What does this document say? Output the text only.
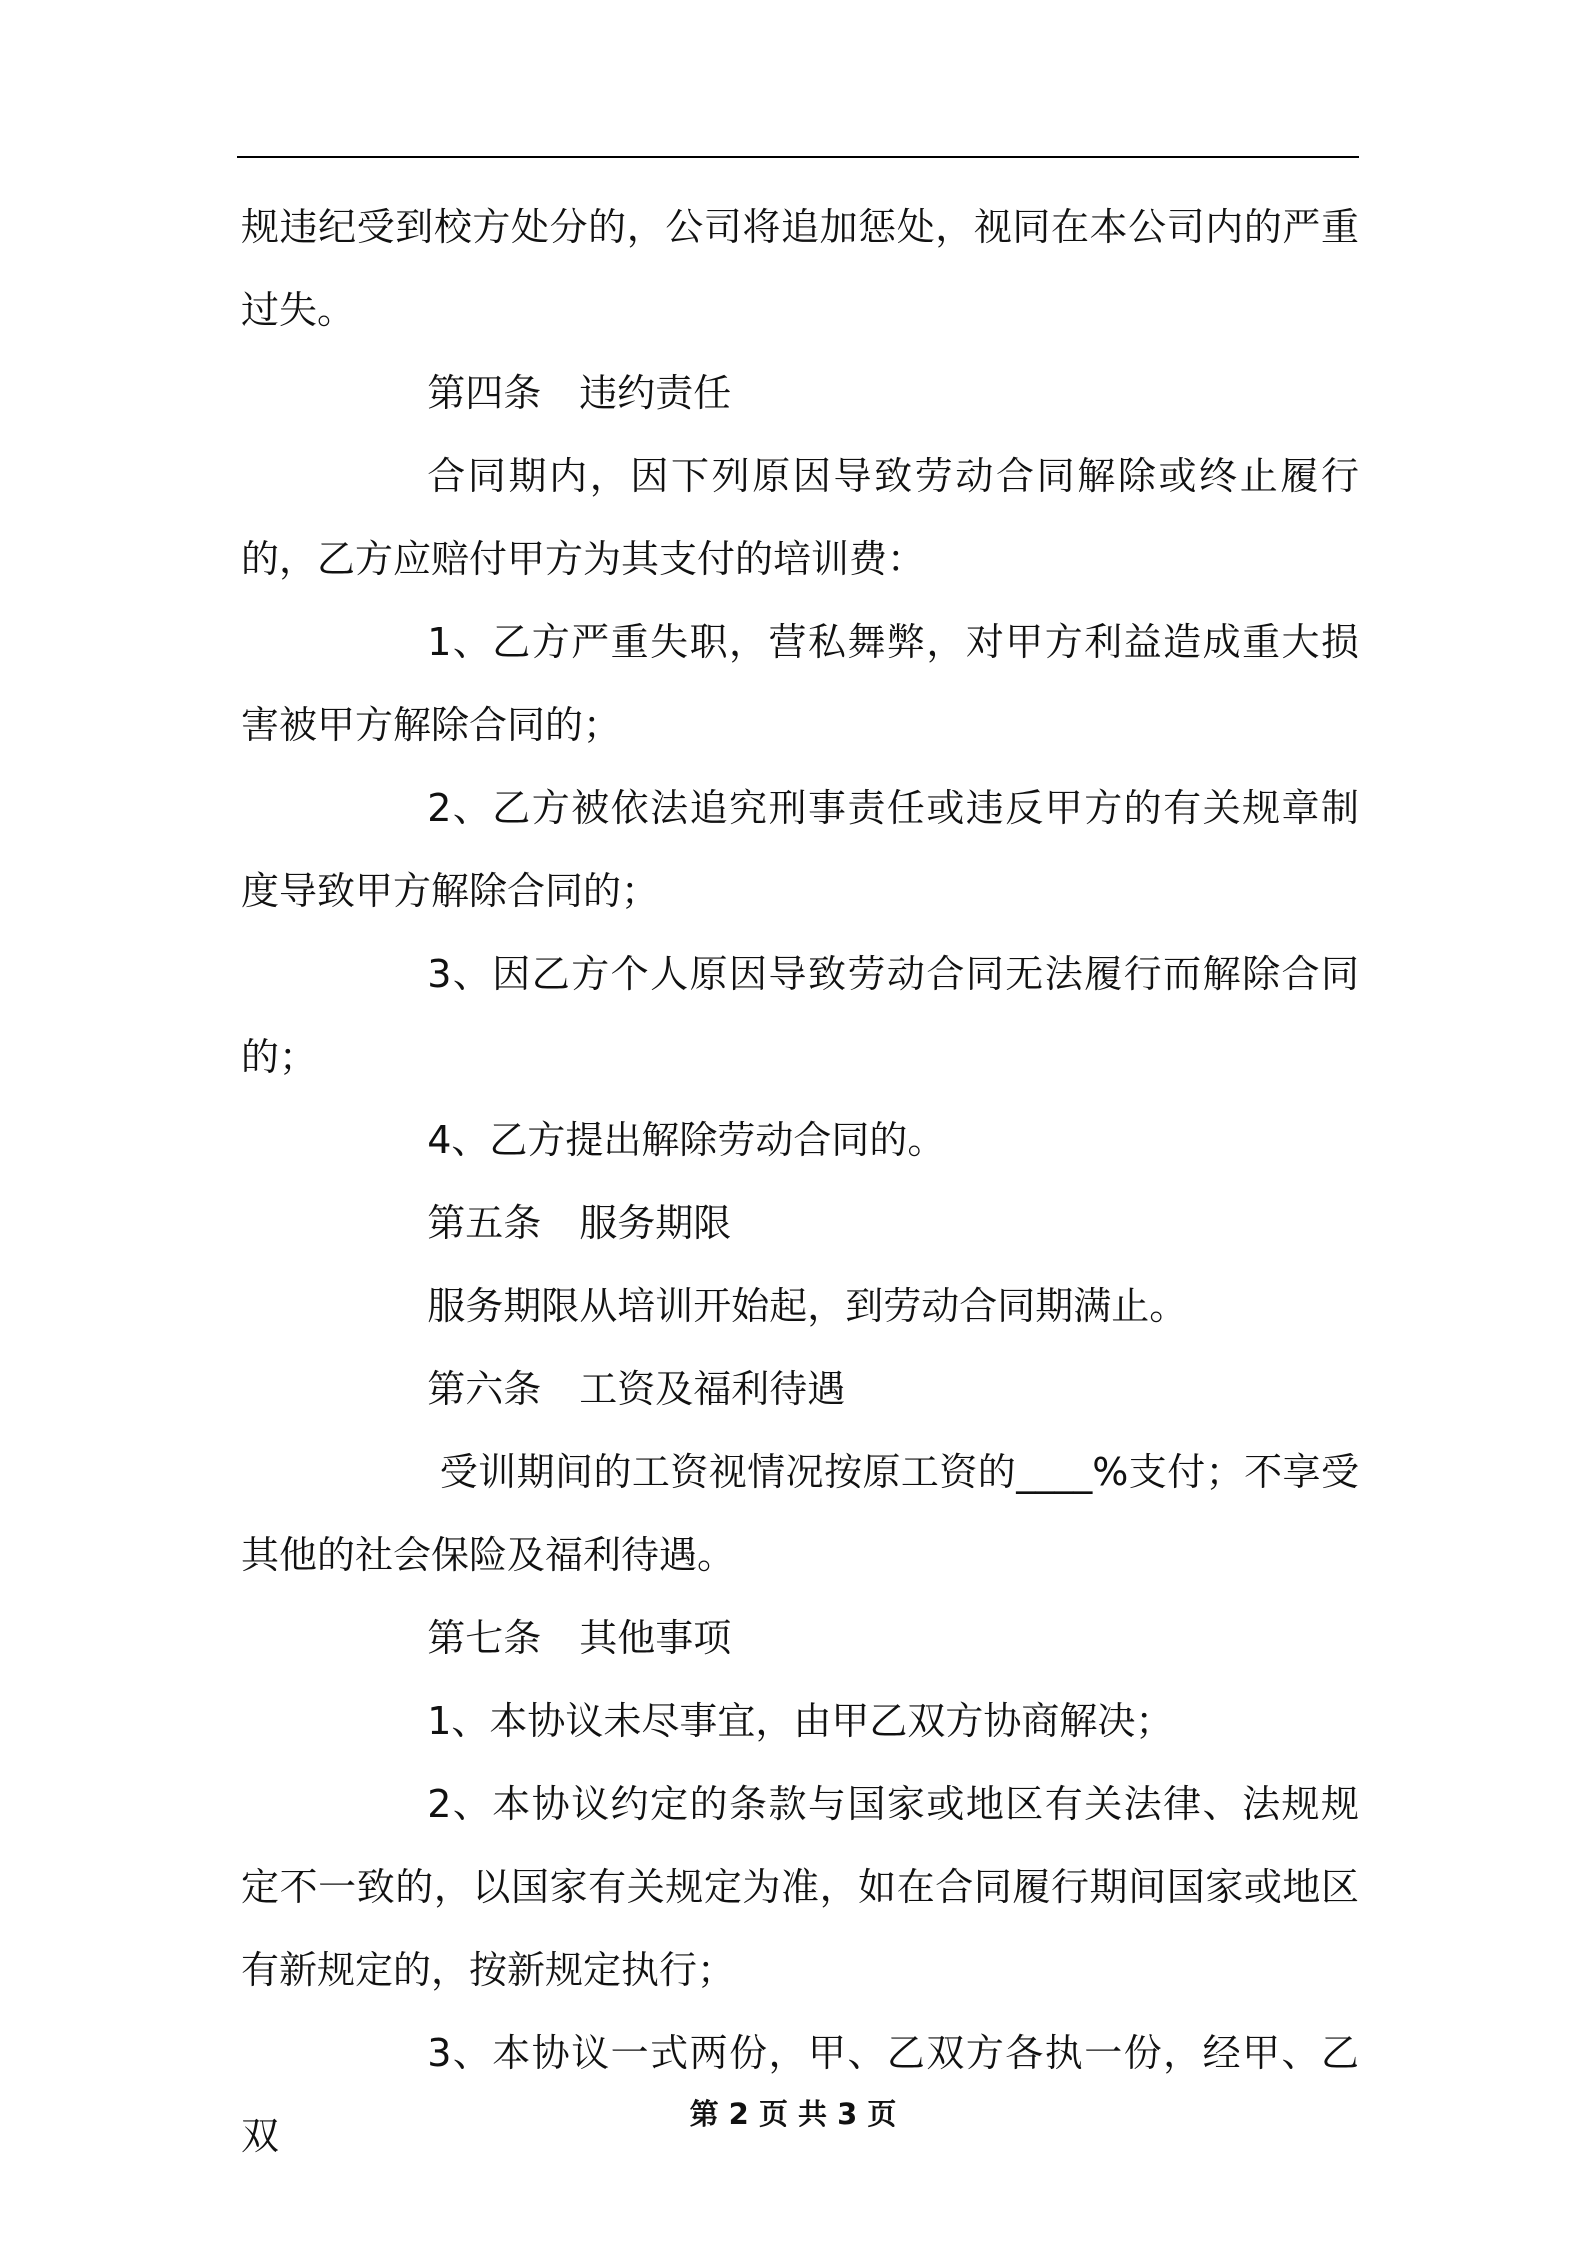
规违纪受到校方处分的，公司将追加惩处，视同在本公司内的严重过失。

第四条　违约责任

合同期内，因下列原因导致劳动合同解除或终止履行的，乙方应赔付甲方为其支付的培训费：

1、乙方严重失职，营私舞弊，对甲方利益造成重大损害被甲方解除合同的；

2、乙方被依法追究刑事责任或违反甲方的有关规章制度导致甲方解除合同的；

3、因乙方个人原因导致劳动合同无法履行而解除合同的；

4、乙方提出解除劳动合同的。

第五条　服务期限

服务期限从培训开始起，到劳动合同期满止。

第六条　工资及福利待遇

受训期间的工资视情况按原工资的____%支付；不享受其他的社会保险及福利待遇。

第七条　其他事项

1、本协议未尽事宜，由甲乙双方协商解决；

2、本协议约定的条款与国家或地区有关法律、法规规定不一致的，以国家有关规定为准，如在合同履行期间国家或地区有新规定的，按新规定执行；

3、本协议一式两份，甲、乙双方各执一份，经甲、乙双	第 2 页 共 3 页
